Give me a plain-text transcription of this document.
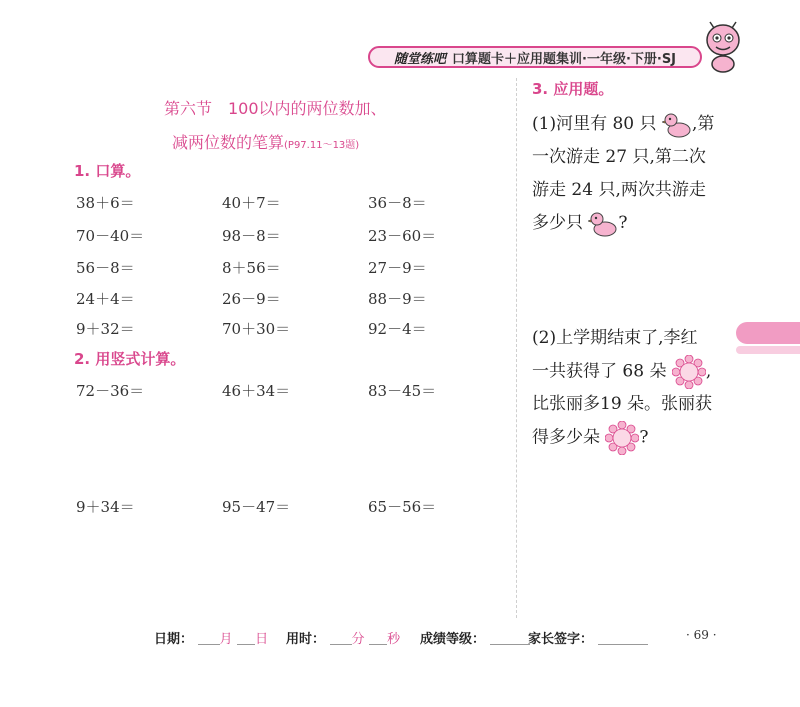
随堂练吧 口算题卡＋应用题集训·一年级·下册·SJ
第六节　100以内的两位数加、
减两位数的笔算(P97.11～13题)
1. 口算。
38＋6＝	40＋7＝	36－8＝
70－40＝	98－8＝	23－60＝
56－8＝	8＋56＝	27－9＝
24＋4＝	26－9＝	88－9＝
9＋32＝	70＋30＝	92－4＝
2. 用竖式计算。
72－36＝	46＋34＝	83－45＝
9＋34＝	95－47＝	65－56＝
3. 应用题。
(1)河里有 80 只 ,第
一次游走 27 只,第二次
游走 24 只,两次共游走
多少只 ?
(2)上学期结束了,李红
一共获得了 68 朵 ,
比张丽多19 朵。张丽获
得多少朵 ?
日期： 月 日 用时： 分 秒 成绩等级：	家长签字：	· 69 ·
